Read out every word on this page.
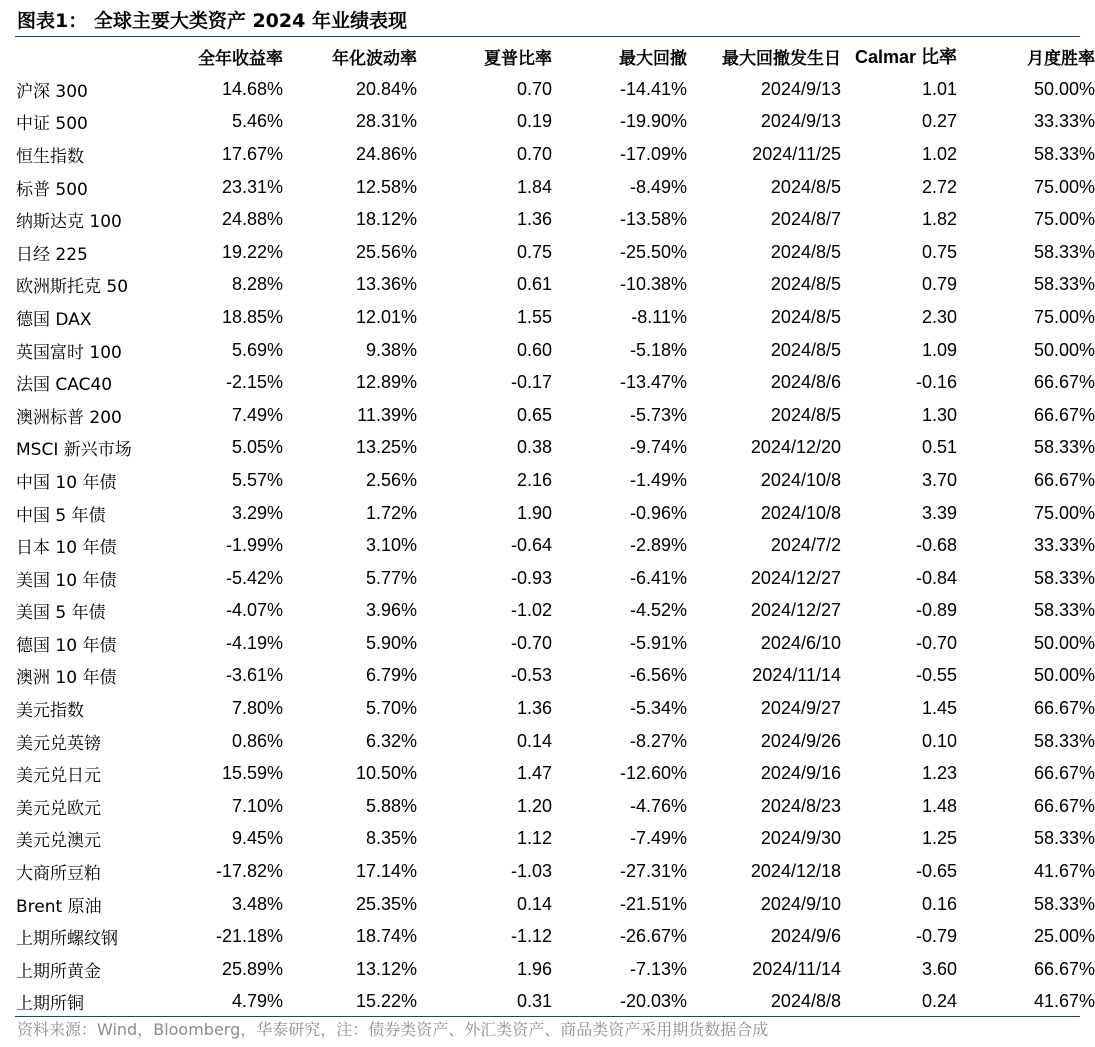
图表1： 全球主要大类资产 2024 年业绩表现
	全年收益率	年化波动率	夏普比率	最大回撤	最大回撤发生日	Calmar 比率	月度胜率
沪深 300	14.68%	20.84%	0.70	-14.41%	2024/9/13	1.01	50.00%
中证 500	5.46%	28.31%	0.19	-19.90%	2024/9/13	0.27	33.33%
恒生指数	17.67%	24.86%	0.70	-17.09%	2024/11/25	1.02	58.33%
标普 500	23.31%	12.58%	1.84	-8.49%	2024/8/5	2.72	75.00%
纳斯达克 100	24.88%	18.12%	1.36	-13.58%	2024/8/7	1.82	75.00%
日经 225	19.22%	25.56%	0.75	-25.50%	2024/8/5	0.75	58.33%
欧洲斯托克 50	8.28%	13.36%	0.61	-10.38%	2024/8/5	0.79	58.33%
德国 DAX	18.85%	12.01%	1.55	-8.11%	2024/8/5	2.30	75.00%
英国富时 100	5.69%	9.38%	0.60	-5.18%	2024/8/5	1.09	50.00%
法国 CAC40	-2.15%	12.89%	-0.17	-13.47%	2024/8/6	-0.16	66.67%
澳洲标普 200	7.49%	11.39%	0.65	-5.73%	2024/8/5	1.30	66.67%
MSCI 新兴市场	5.05%	13.25%	0.38	-9.74%	2024/12/20	0.51	58.33%
中国 10 年债	5.57%	2.56%	2.16	-1.49%	2024/10/8	3.70	66.67%
中国 5 年债	3.29%	1.72%	1.90	-0.96%	2024/10/8	3.39	75.00%
日本 10 年债	-1.99%	3.10%	-0.64	-2.89%	2024/7/2	-0.68	33.33%
美国 10 年债	-5.42%	5.77%	-0.93	-6.41%	2024/12/27	-0.84	58.33%
美国 5 年债	-4.07%	3.96%	-1.02	-4.52%	2024/12/27	-0.89	58.33%
德国 10 年债	-4.19%	5.90%	-0.70	-5.91%	2024/6/10	-0.70	50.00%
澳洲 10 年债	-3.61%	6.79%	-0.53	-6.56%	2024/11/14	-0.55	50.00%
美元指数	7.80%	5.70%	1.36	-5.34%	2024/9/27	1.45	66.67%
美元兑英镑	0.86%	6.32%	0.14	-8.27%	2024/9/26	0.10	58.33%
美元兑日元	15.59%	10.50%	1.47	-12.60%	2024/9/16	1.23	66.67%
美元兑欧元	7.10%	5.88%	1.20	-4.76%	2024/8/23	1.48	66.67%
美元兑澳元	9.45%	8.35%	1.12	-7.49%	2024/9/30	1.25	58.33%
大商所豆粕	-17.82%	17.14%	-1.03	-27.31%	2024/12/18	-0.65	41.67%
Brent 原油	3.48%	25.35%	0.14	-21.51%	2024/9/10	0.16	58.33%
上期所螺纹钢	-21.18%	18.74%	-1.12	-26.67%	2024/9/6	-0.79	25.00%
上期所黄金	25.89%	13.12%	1.96	-7.13%	2024/11/14	3.60	66.67%
上期所铜	4.79%	15.22%	0.31	-20.03%	2024/8/8	0.24	41.67%
资料来源：Wind，Bloomberg，华泰研究，注：债券类资产、外汇类资产、商品类资产采用期货数据合成
